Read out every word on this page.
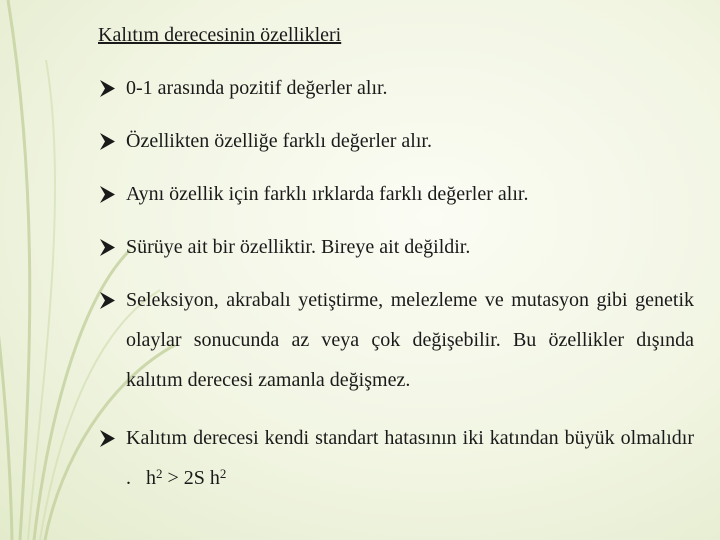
Kalıtım derecesinin özellikleri
0-1 arasında pozitif değerler alır.
Özellikten özelliğe farklı değerler alır.
Aynı özellik için farklı ırklarda farklı değerler alır.
Sürüye ait bir özelliktir. Bireye ait değildir.
Seleksiyon, akrabalı yetiştirme, melezleme ve mutasyon gibi genetik olaylar sonucunda az veya çok değişebilir. Bu özellikler dışında kalıtım derecesi zamanla değişmez.
Kalıtım derecesi kendi standart hatasının iki katından büyük olmalıdır . $h^2 > 2S$ $h^2$
